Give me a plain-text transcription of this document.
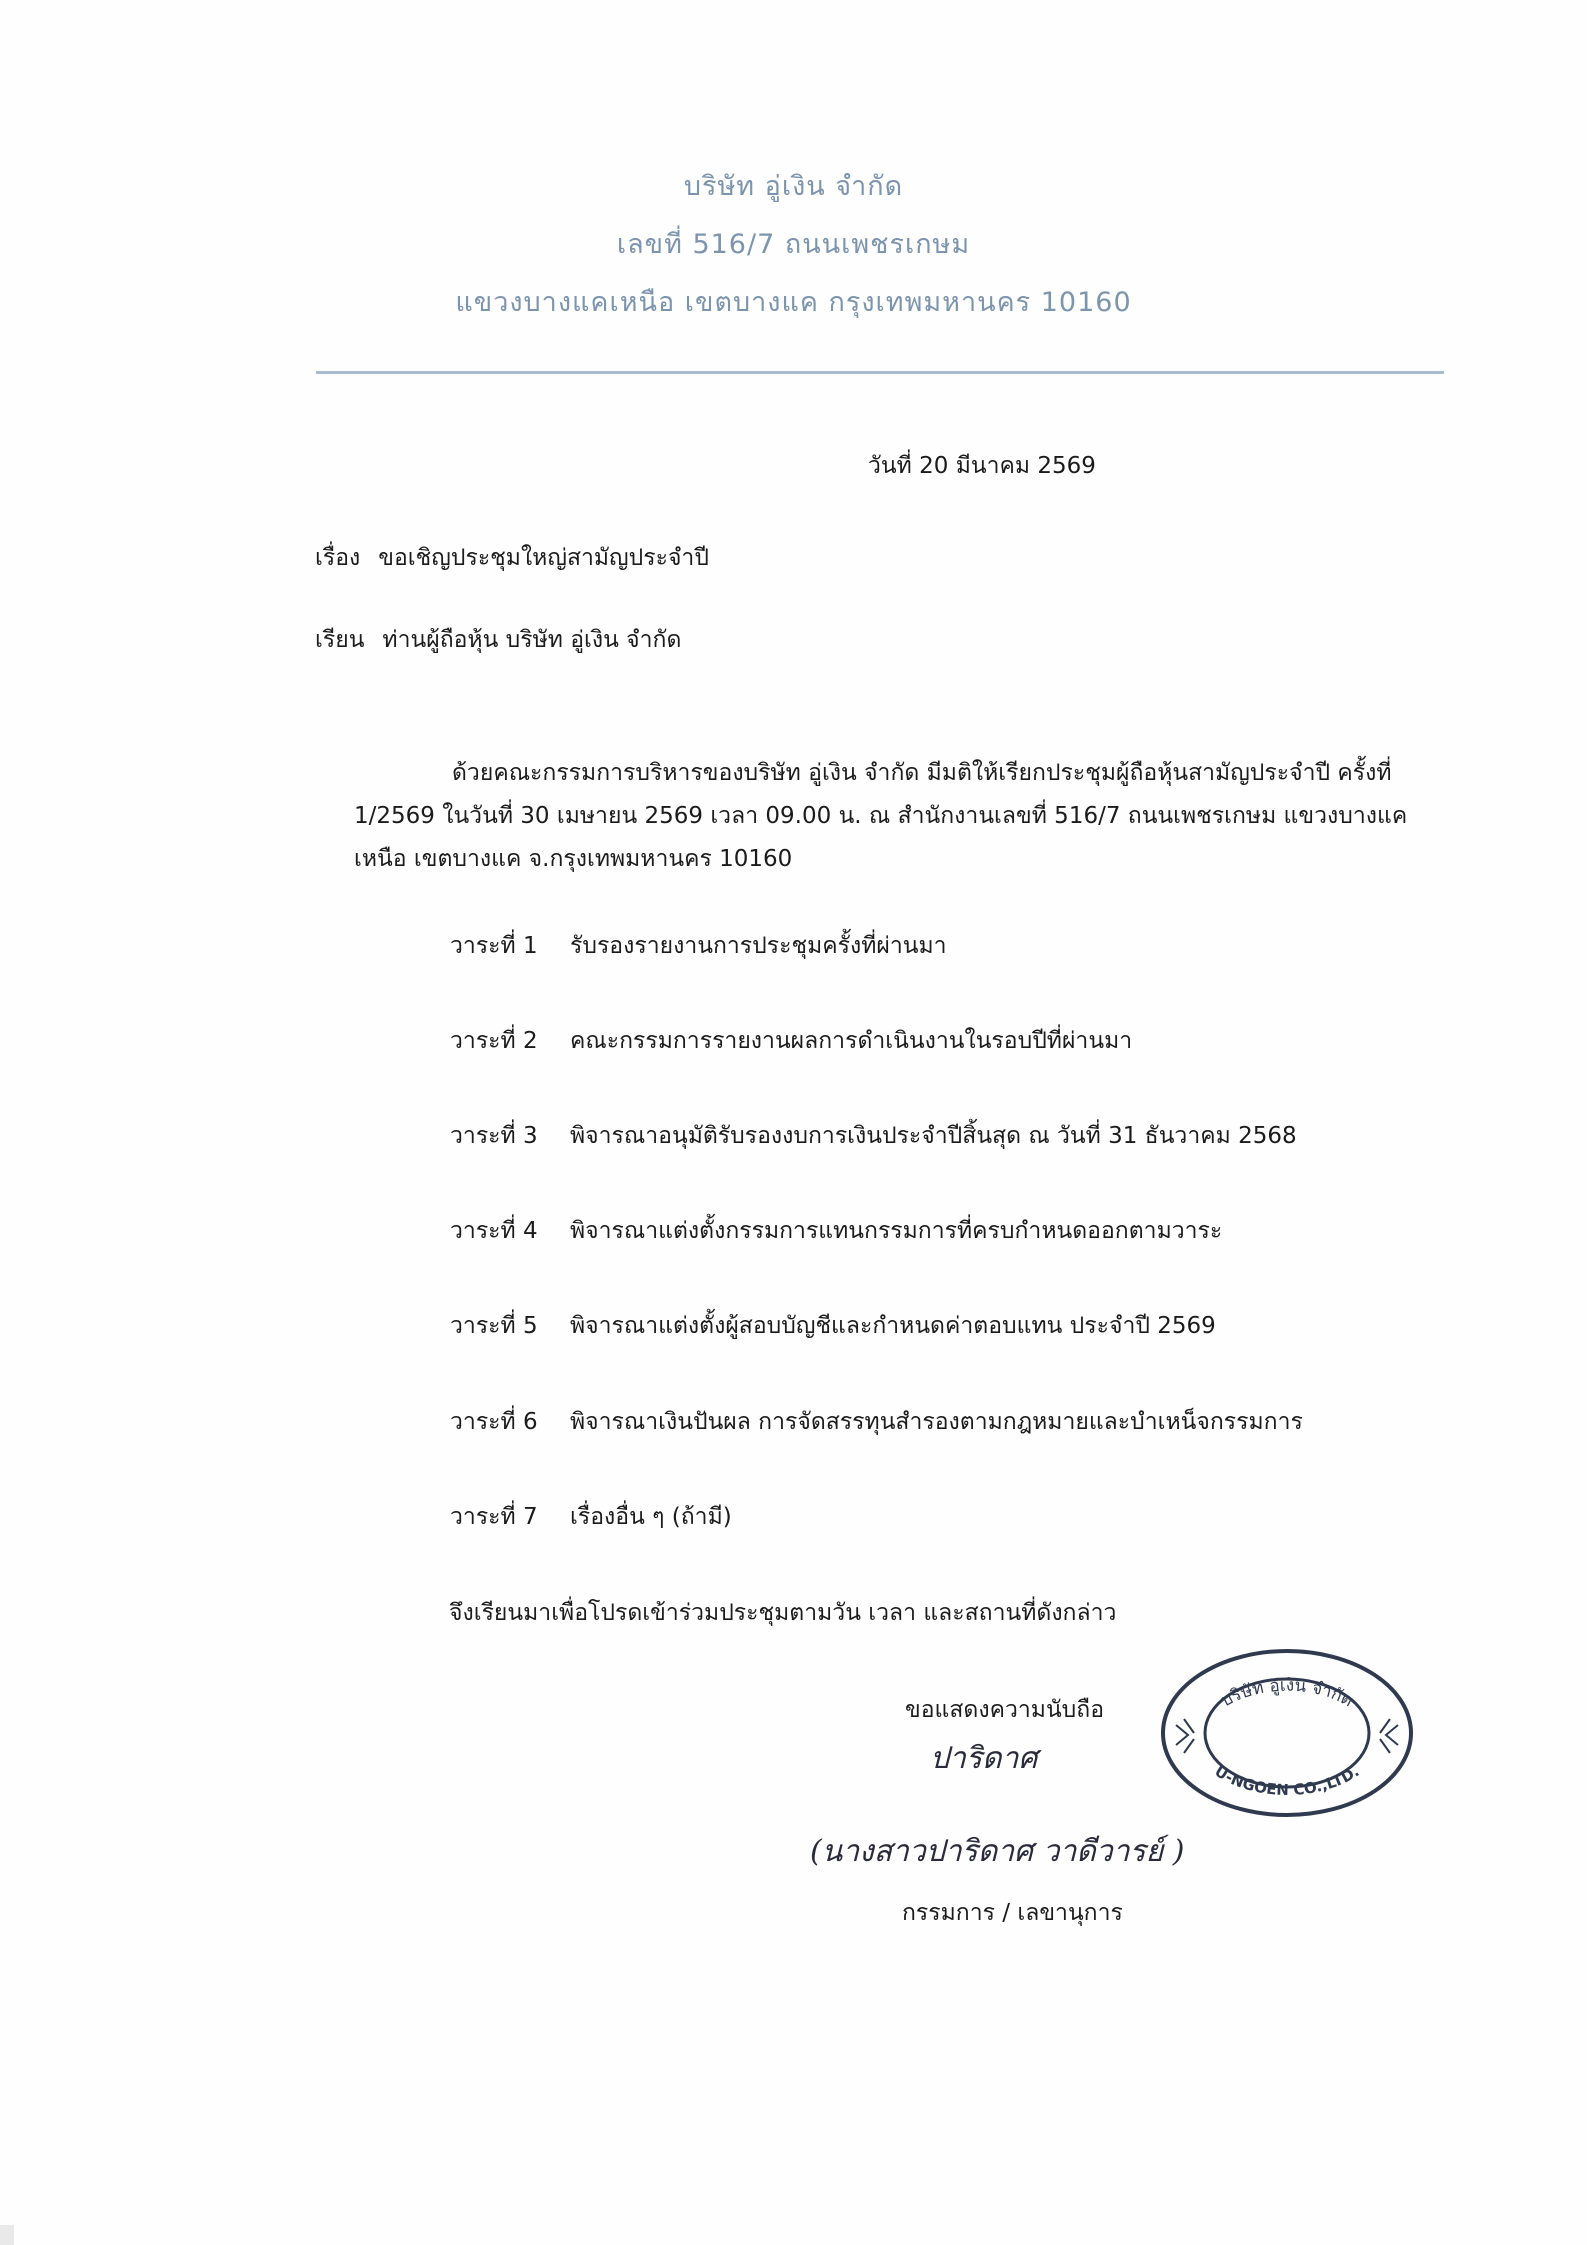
บริษัท อู่เงิน จำกัด
เลขที่ 516/7 ถนนเพชรเกษม
แขวงบางแคเหนือ เขตบางแค กรุงเทพมหานคร 10160
วันที่ 20 มีนาคม 2569
เรื่อง ขอเชิญประชุมใหญ่สามัญประจำปี
เรียน ท่านผู้ถือหุ้น บริษัท อู่เงิน จำกัด
ด้วยคณะกรรมการบริหารของบริษัท อู่เงิน จำกัด มีมติให้เรียกประชุมผู้ถือหุ้นสามัญประจำปี ครั้งที่
1/2569 ในวันที่ 30 เมษายน 2569 เวลา 09.00 น. ณ สำนักงานเลขที่ 516/7 ถนนเพชรเกษม แขวงบางแค
เหนือ เขตบางแค จ.กรุงเทพมหานคร 10160
วาระที่ 1 รับรองรายงานการประชุมครั้งที่ผ่านมา
วาระที่ 2 คณะกรรมการรายงานผลการดำเนินงานในรอบปีที่ผ่านมา
วาระที่ 3 พิจารณาอนุมัติรับรองงบการเงินประจำปีสิ้นสุด ณ วันที่ 31 ธันวาคม 2568
วาระที่ 4 พิจารณาแต่งตั้งกรรมการแทนกรรมการที่ครบกำหนดออกตามวาระ
วาระที่ 5 พิจารณาแต่งตั้งผู้สอบบัญชีและกำหนดค่าตอบแทน ประจำปี 2569
วาระที่ 6 พิจารณาเงินปันผล การจัดสรรทุนสำรองตามกฎหมายและบำเหน็จกรรมการ
วาระที่ 7 เรื่องอื่น ๆ (ถ้ามี)
จึงเรียนมาเพื่อโปรดเข้าร่วมประชุมตามวัน เวลา และสถานที่ดังกล่าว
ขอแสดงความนับถือ
ปาริดาศ
(นางสาวปาริดาศ วาดีวารย์ )
กรรมการ / เลขานุการ
บริษัท อู่เงิน จำกัด
U-NGOEN CO.,LTD.
